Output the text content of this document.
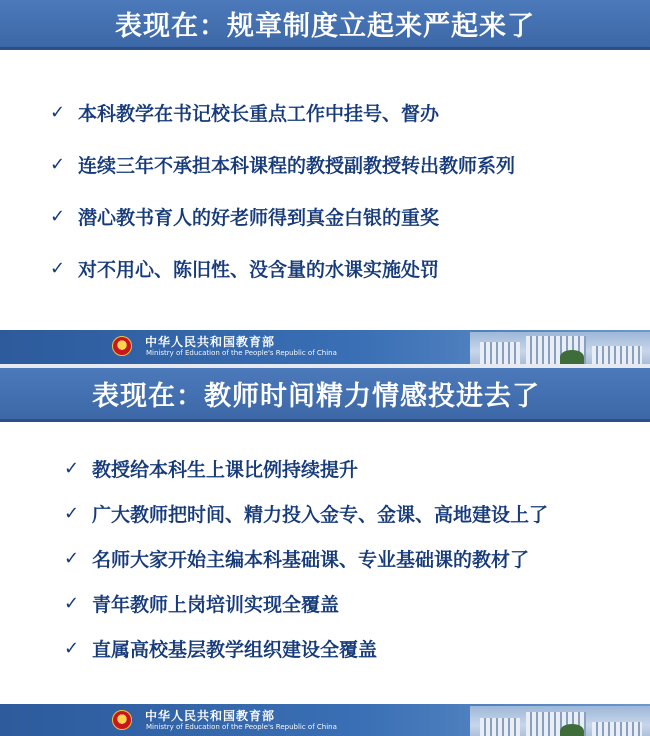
表现在：规章制度立起来严起来了
✓ 本科教学在书记校长重点工作中挂号、督办
✓ 连续三年不承担本科课程的教授副教授转出教师系列
✓ 潜心教书育人的好老师得到真金白银的重奖
✓ 对不用心、陈旧性、没含量的水课实施处罚
中华人民共和国教育部
Ministry of Education of the People's Republic of China
表现在：教师时间精力情感投进去了
中华人民共和国教育部
Ministry of Education of the People's Republic of China
✓ 教授给本科生上课比例持续提升
✓ 广大教师把时间、精力投入金专、金课、高地建设上了
✓ 名师大家开始主编本科基础课、专业基础课的教材了
✓ 青年教师上岗培训实现全覆盖
✓ 直属高校基层教学组织建设全覆盖
